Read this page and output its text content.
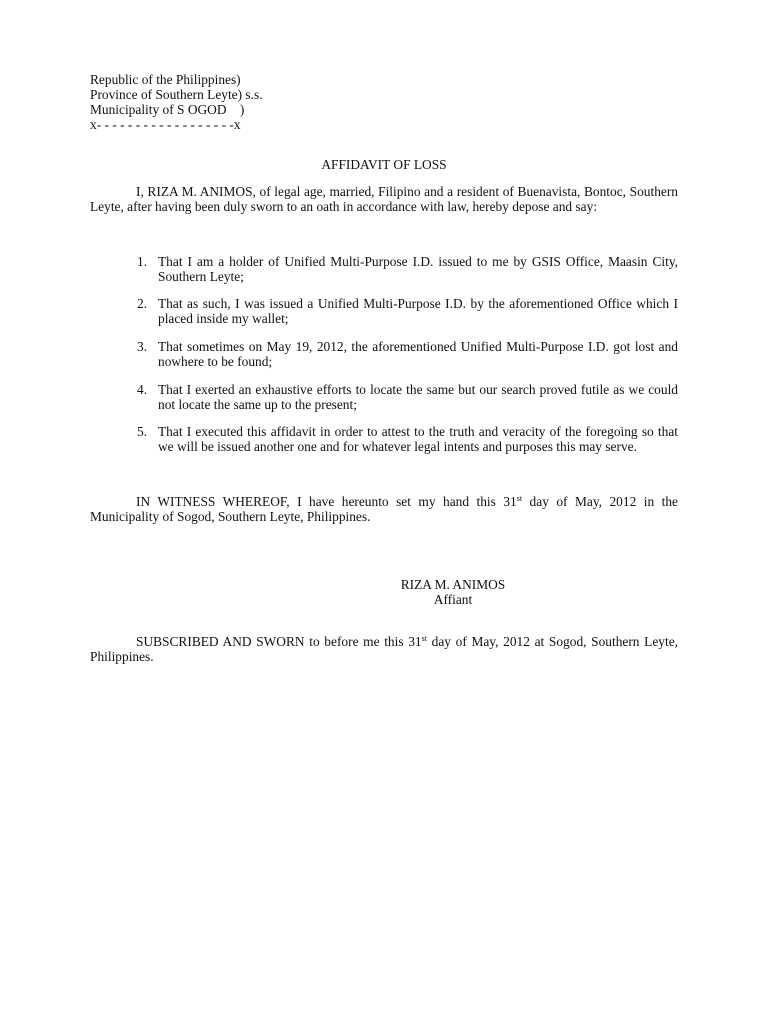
Republic of the Philippines)
Province of Southern Leyte) s.s.
Municipality of S OGOD    )
x- - - - - - - - - - - - - - - - - -x
AFFIDAVIT OF LOSS
I, RIZA M. ANIMOS, of legal age, married, Filipino and a resident of Buenavista, Bontoc, Southern Leyte, after having been duly sworn to an oath in accordance with law, hereby depose and say:
1. That I am a holder of Unified Multi-Purpose I.D. issued to me by GSIS Office, Maasin City, Southern Leyte;
2. That as such, I was issued a Unified Multi-Purpose I.D. by the aforementioned Office which I placed inside my wallet;
3. That sometimes on May 19, 2012, the aforementioned Unified Multi-Purpose I.D. got lost and nowhere to be found;
4. That I exerted an exhaustive efforts to locate the same but our search proved futile as we could not locate the same up to the present;
5. That I executed this affidavit in order to attest to the truth and veracity of the foregoing so that we will be issued another one and for whatever legal intents and purposes this may serve.
IN WITNESS WHEREOF, I have hereunto set my hand this 31st day of May, 2012 in the Municipality of Sogod, Southern Leyte, Philippines.
RIZA M. ANIMOS
Affiant
SUBSCRIBED AND SWORN to before me this 31st day of May, 2012 at Sogod, Southern Leyte, Philippines.
